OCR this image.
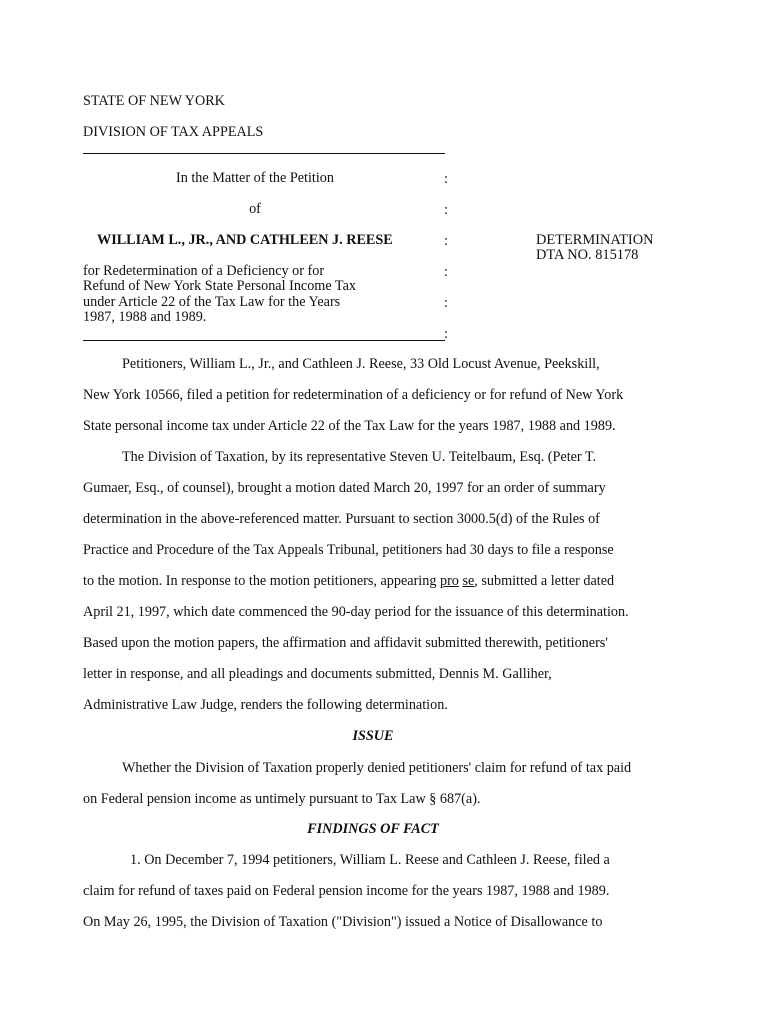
STATE OF NEW YORK
DIVISION OF TAX APPEALS
In the Matter of the Petition	:
of	:
WILLIAM L., JR., AND CATHLEEN J. REESE	:	DETERMINATION
DTA NO. 815178
for Redetermination of a Deficiency or for
Refund of New York State Personal Income Tax
under Article 22 of the Tax Law for the Years
1987, 1988 and 1989.
:
:
:
Petitioners, William L., Jr., and Cathleen J. Reese, 33 Old Locust Avenue, Peekskill,
New York 10566, filed a petition for redetermination of a deficiency or for refund of New York
State personal income tax under Article 22 of the Tax Law for the years 1987, 1988 and 1989.
The Division of Taxation, by its representative Steven U. Teitelbaum, Esq. (Peter T.
Gumaer, Esq., of counsel), brought a motion dated March 20, 1997 for an order of summary
determination in the above-referenced matter. Pursuant to section 3000.5(d) of the Rules of
Practice and Procedure of the Tax Appeals Tribunal, petitioners had 30 days to file a response
to the motion. In response to the motion petitioners, appearing pro se, submitted a letter dated
April 21, 1997, which date commenced the 90-day period for the issuance of this determination.
Based upon the motion papers, the affirmation and affidavit submitted therewith, petitioners'
letter in response, and all pleadings and documents submitted, Dennis M. Galliher,
Administrative Law Judge, renders the following determination.
ISSUE
Whether the Division of Taxation properly denied petitioners' claim for refund of tax paid
on Federal pension income as untimely pursuant to Tax Law § 687(a).
FINDINGS OF FACT
1. On December 7, 1994 petitioners, William L. Reese and Cathleen J. Reese, filed a
claim for refund of taxes paid on Federal pension income for the years 1987, 1988 and 1989.
On May 26, 1995, the Division of Taxation ("Division") issued a Notice of Disallowance to
